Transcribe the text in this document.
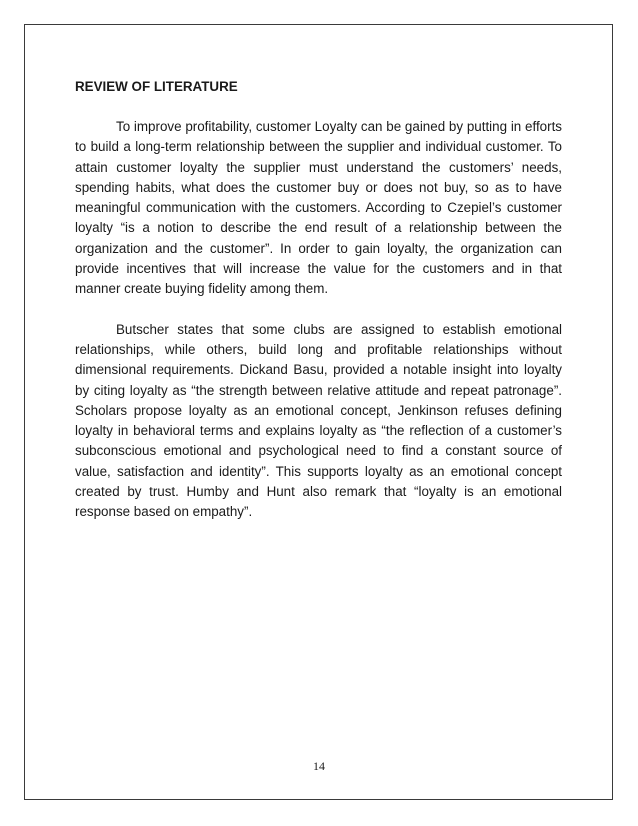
REVIEW OF LITERATURE

To improve profitability, customer Loyalty can be gained by putting in efforts to build a long-term relationship between the supplier and individual customer. To attain customer loyalty the supplier must understand the customers’ needs, spending habits, what does the customer buy or does not buy, so as to have meaningful communication with the customers. According to Czepiel’s customer loyalty “is a notion to describe the end result of a relationship between the organization and the customer”. In order to gain loyalty, the organization can provide incentives that will increase the value for the customers and in that manner create buying fidelity among them.

Butscher states that some clubs are assigned to establish emotional relationships, while others, build long and profitable relationships without dimensional requirements. Dickand Basu, provided a notable insight into loyalty by citing loyalty as “the strength between relative attitude and repeat patronage”. Scholars propose loyalty as an emotional concept, Jenkinson refuses defining loyalty in behavioral terms and explains loyalty as “the reflection of a customer’s subconscious emotional and psychological need to find a constant source of value, satisfaction and identity”. This supports loyalty as an emotional concept created by trust. Humby and Hunt also remark that “loyalty is an emotional response based on empathy”.

14
